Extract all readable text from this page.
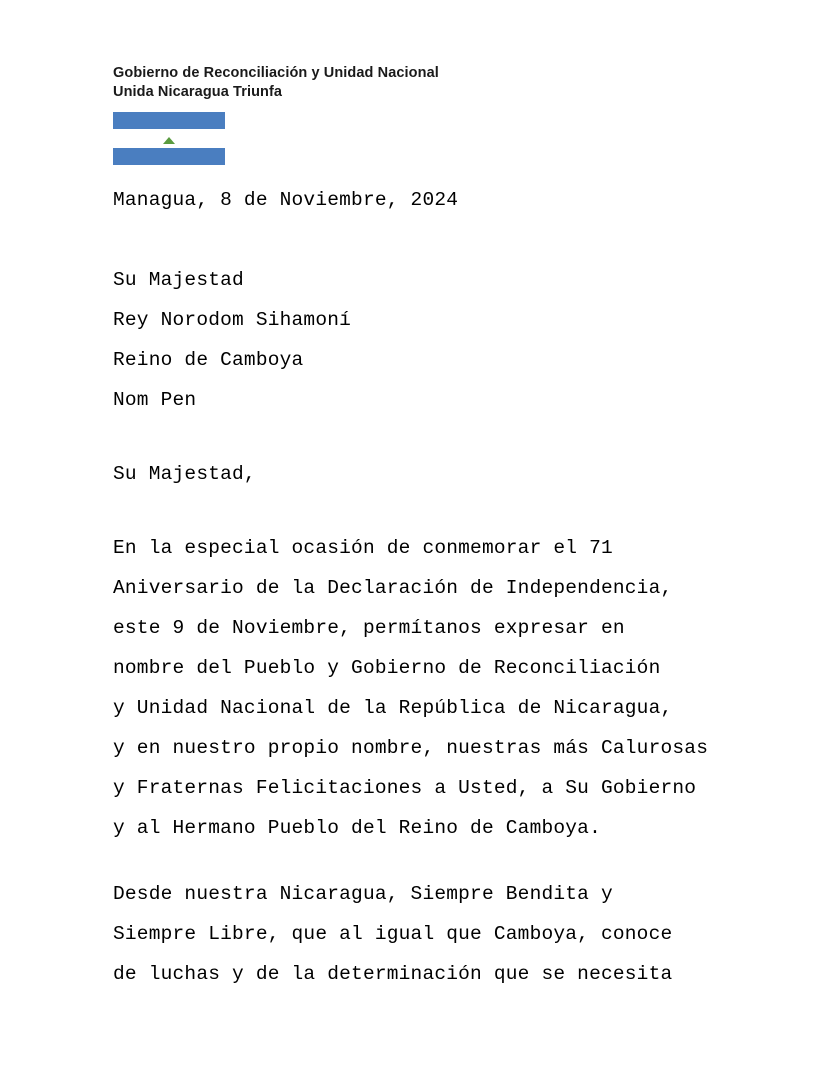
Gobierno de Reconciliación y Unidad Nacional
Unida Nicaragua Triunfa
Managua, 8 de Noviembre, 2024
Su Majestad
Rey Norodom Sihamoní
Reino de Camboya
Nom Pen
Su Majestad,
En la especial ocasión de conmemorar el 71
Aniversario de la Declaración de Independencia,
este 9 de Noviembre, permítanos expresar en
nombre del Pueblo y Gobierno de Reconciliación
y Unidad Nacional de la República de Nicaragua,
y en nuestro propio nombre, nuestras más Calurosas
y Fraternas Felicitaciones a Usted, a Su Gobierno
y al Hermano Pueblo del Reino de Camboya.
Desde nuestra Nicaragua, Siempre Bendita y
Siempre Libre, que al igual que Camboya, conoce
de luchas y de la determinación que se necesita
